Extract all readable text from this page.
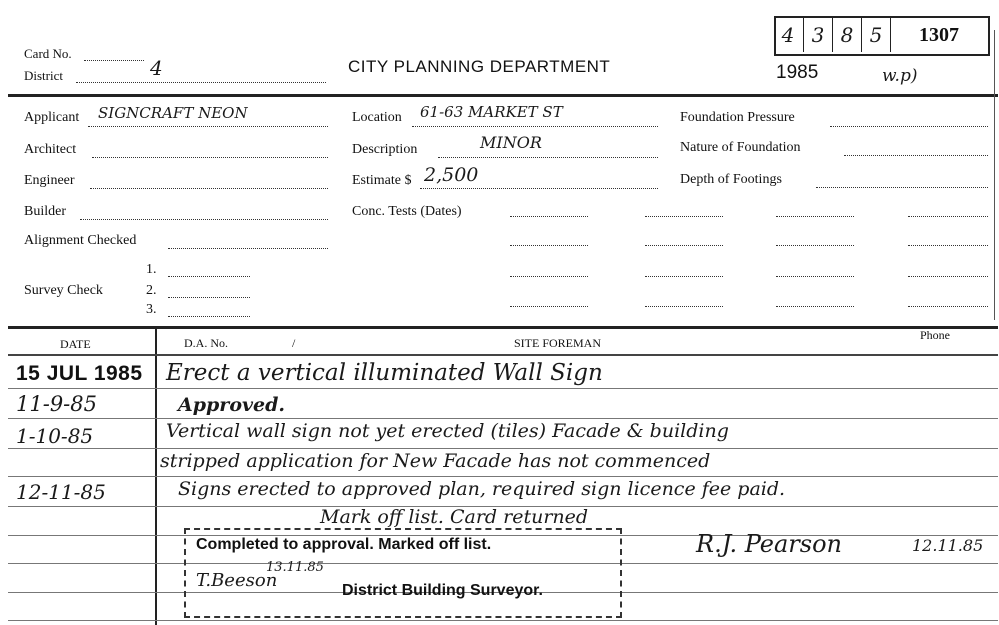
4 3 8 5	1307
Card No.
District	4	CITY PLANNING DEPARTMENT	1985	w.p)
Applicant SIGNCRAFT NEON
Architect
Engineer
Builder
Alignment Checked
Survey Check
1.
2.
3.
Location 61-63 MARKET ST
Description	MINOR
Estimate $ 2,500
Conc. Tests (Dates)
Foundation Pressure
Nature of Foundation
Depth of Footings
DATE	D.A. No.	/	SITE FOREMAN
Phone
15 JUL 1985 Erect a vertical illuminated Wall Sign
11-9-85	Approved.
1-10-85	Vertical wall sign not yet erected (tiles) Facade & building
stripped application for New Facade has not commenced
12-11-85	Signs erected to approved plan, required sign licence fee paid.
Mark off list. Card returned
Completed to approval. Marked off list.
District Building Surveyor.
T.Beeson
13.11.85
R.J. Pearson	12.11.85
